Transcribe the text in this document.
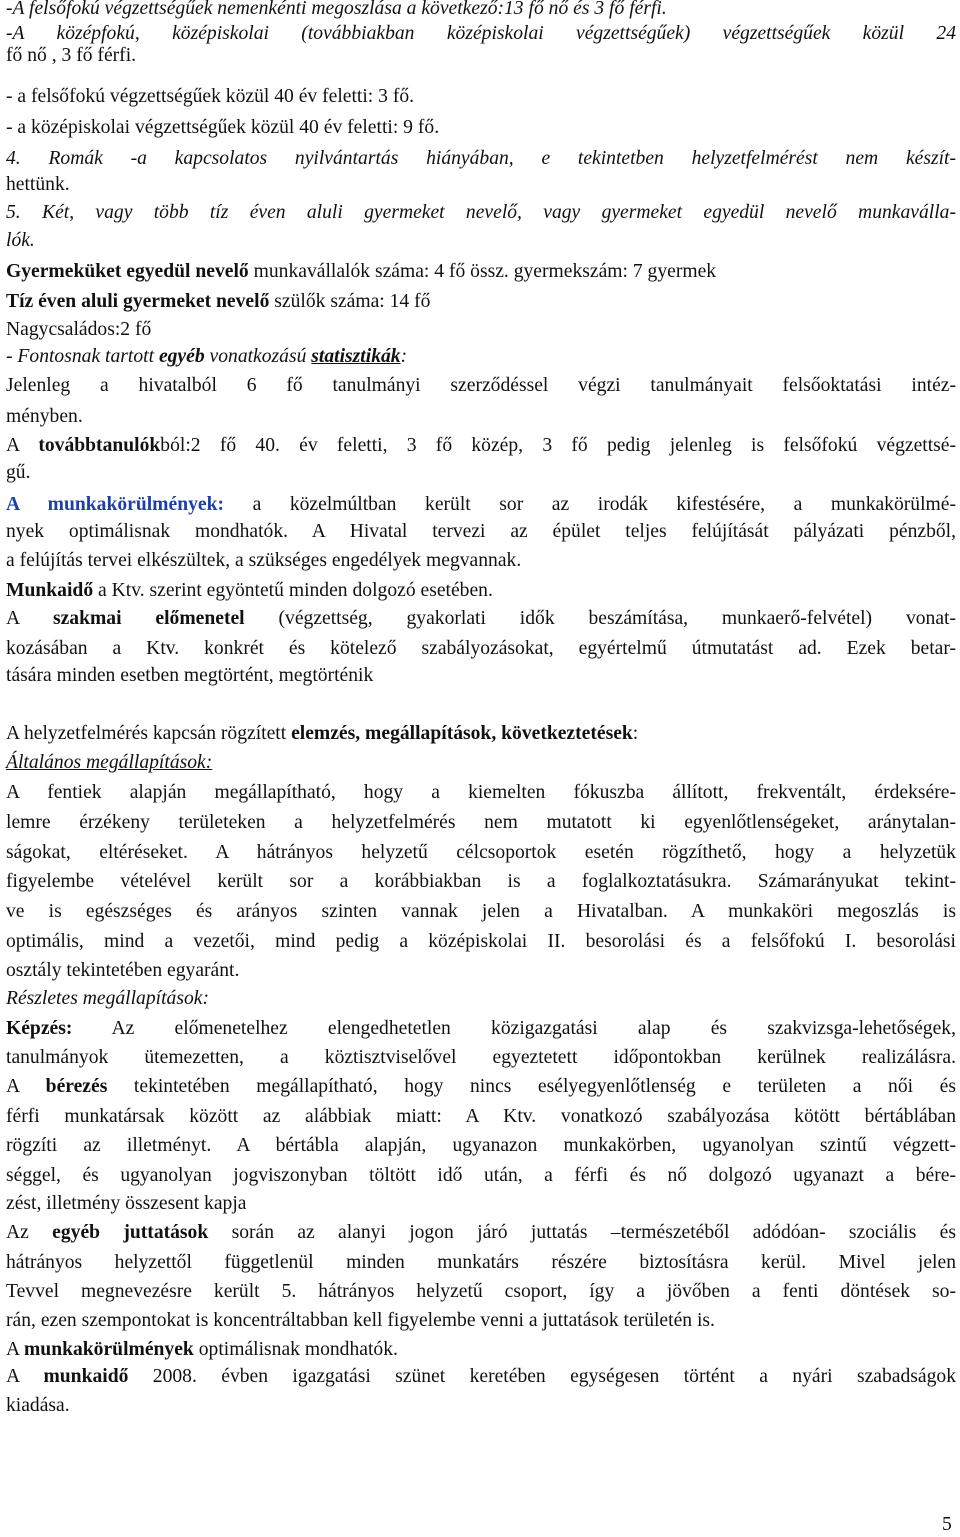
-A felsőfokú végzettségűek nemenkénti megoszlása a következő:13 fő nő és 3 fő férfi.
-A középfokú, középiskolai (továbbiakban középiskolai végzettségűek) végzettségűek közül 24
fő nő , 3 fő férfi.
- a felsőfokú végzettségűek közül 40 év feletti: 3 fő.
- a középiskolai végzettségűek közül 40 év feletti: 9 fő.
4. Romák -a kapcsolatos nyilvántartás hiányában, e tekintetben helyzetfelmérést nem készít-
hettünk.
5. Két, vagy több tíz éven aluli gyermeket nevelő, vagy gyermeket egyedül nevelő munkaválla-
lók.
Gyermeküket egyedül nevelő munkavállalók száma: 4 fő össz. gyermekszám: 7 gyermek
Tíz éven aluli gyermeket nevelő szülők száma: 14 fő
Nagycsaládos:2 fő
- Fontosnak tartott egyéb vonatkozású statisztikák:
Jelenleg a hivatalból 6 fő tanulmányi szerződéssel végzi tanulmányait felsőoktatási intéz-
ményben.
A továbbtanulókból:2 fő 40. év feletti, 3 fő közép, 3 fő pedig jelenleg is felsőfokú végzettsé-
gű.
A munkakörülmények: a közelmúltban került sor az irodák kifestésére, a munkakörülmé-
nyek optimálisnak mondhatók. A Hivatal tervezi az épület teljes felújítását pályázati pénzből,
a felújítás tervei elkészültek, a szükséges engedélyek megvannak.
Munkaidő a Ktv. szerint egyöntetű minden dolgozó esetében.
A szakmai előmenetel (végzettség, gyakorlati idők beszámítása, munkaerő-felvétel) vonat-
kozásában a Ktv. konkrét és kötelező szabályozásokat, egyértelmű útmutatást ad. Ezek betar-
tására minden esetben megtörtént, megtörténik
A helyzetfelmérés kapcsán rögzített elemzés, megállapítások, következtetések:
Általános megállapítások:
A fentiek alapján megállapítható, hogy a kiemelten fókuszba állított, frekventált, érdeksére-
lemre érzékeny területeken a helyzetfelmérés nem mutatott ki egyenlőtlenségeket, aránytalan-
ságokat, eltéréseket. A hátrányos helyzetű célcsoportok esetén rögzíthető, hogy a helyzetük
figyelembe vételével került sor a korábbiakban is a foglalkoztatásukra. Számarányukat tekint-
ve is egészséges és arányos szinten vannak jelen a Hivatalban. A munkaköri megoszlás is
optimális, mind a vezetői, mind pedig a középiskolai II. besorolási és a felsőfokú I. besorolási
osztály tekintetében egyaránt.
Részletes megállapítások:
Képzés: Az előmenetelhez elengedhetetlen közigazgatási alap és szakvizsga-lehetőségek,
tanulmányok ütemezetten, a köztisztviselővel egyeztetett időpontokban kerülnek realizálásra.
A bérezés tekintetében megállapítható, hogy nincs esélyegyenlőtlenség e területen a női és
férfi munkatársak között az alábbiak miatt: A Ktv. vonatkozó szabályozása kötött bértáblában
rögzíti az illetményt. A bértábla alapján, ugyanazon munkakörben, ugyanolyan szintű végzett-
séggel, és ugyanolyan jogviszonyban töltött idő után, a férfi és nő dolgozó ugyanazt a bére-
zést, illetmény összesent kapja
Az egyéb juttatások során az alanyi jogon járó juttatás –természetéből adódóan- szociális és
hátrányos helyzettől függetlenül minden munkatárs részére biztosításra kerül. Mivel jelen
Tevvel megnevezésre került 5. hátrányos helyzetű csoport, így a jövőben a fenti döntések so-
rán, ezen szempontokat is koncentráltabban kell figyelembe venni a juttatások területén is.
A munkakörülmények optimálisnak mondhatók.
A munkaidő 2008. évben igazgatási szünet keretében egységesen történt a nyári szabadságok
kiadása.
5
